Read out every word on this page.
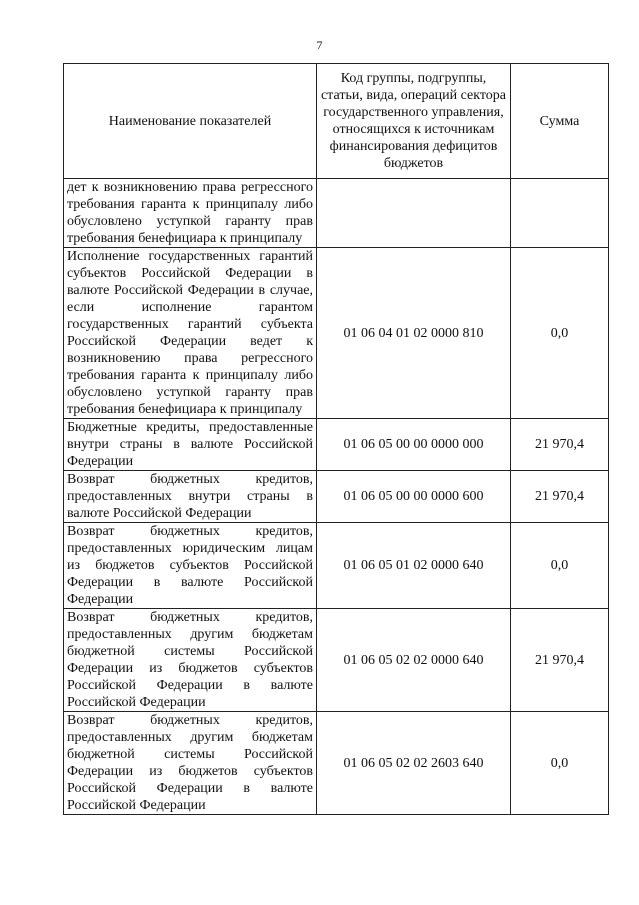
7
Наименование показателей	Код группы, подгруппы, статьи, вида, операций сектора государственного управления, относящихся к источникам финансирования дефицитов бюджетов	Сумма
дет к возникновению права регрессного требования гаранта к принципалу либо обусловлено уступкой гаранту прав требования бенефициара к принципалу		
Исполнение государственных гарантий субъектов Российской Федерации в валюте Российской Федерации в случае, если исполнение гарантом государственных гарантий субъекта Российской Федерации ведет к возникновению права регрессного требования гаранта к принципалу либо обусловлено уступкой гаранту прав требования бенефициара к принципалу	01 06 04 01 02 0000 810	0,0
Бюджетные кредиты, предоставленные внутри страны в валюте Российской Федерации	01 06 05 00 00 0000 000	21 970,4
Возврат бюджетных кредитов, предоставленных внутри страны в валюте Российской Федерации	01 06 05 00 00 0000 600	21 970,4
Возврат бюджетных кредитов, предоставленных юридическим лицам из бюджетов субъектов Российской Федерации в валюте Российской Федерации	01 06 05 01 02 0000 640	0,0
Возврат бюджетных кредитов, предоставленных другим бюджетам бюджетной системы Российской Федерации из бюджетов субъектов Российской Федерации в валюте Российской Федерации	01 06 05 02 02 0000 640	21 970,4
Возврат бюджетных кредитов, предоставленных другим бюджетам бюджетной системы Российской Федерации из бюджетов субъектов Российской Федерации в валюте Российской Федерации	01 06 05 02 02 2603 640	0,0
